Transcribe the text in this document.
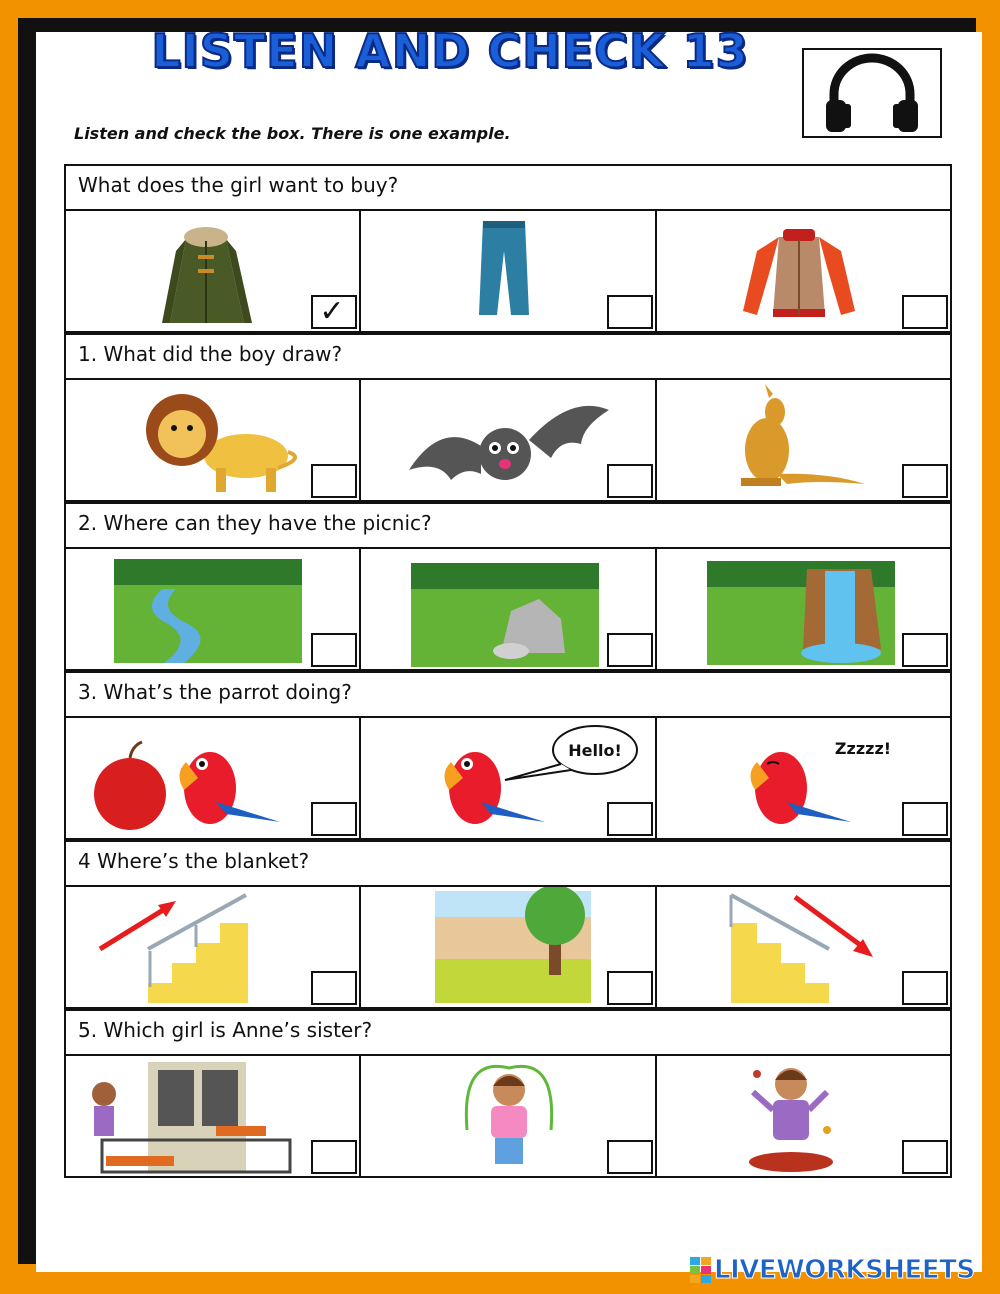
LISTEN AND CHECK 13
Listen and check the box. There is one example.
What does the girl want to buy?
✓
1. What did the boy draw?
2. Where can they have the picnic?
3. What’s the parrot doing?
Hello!	Zzzzz!
4 Where’s the blanket?
5. Which girl is Anne’s sister?
LIVEWORKSHEETS
